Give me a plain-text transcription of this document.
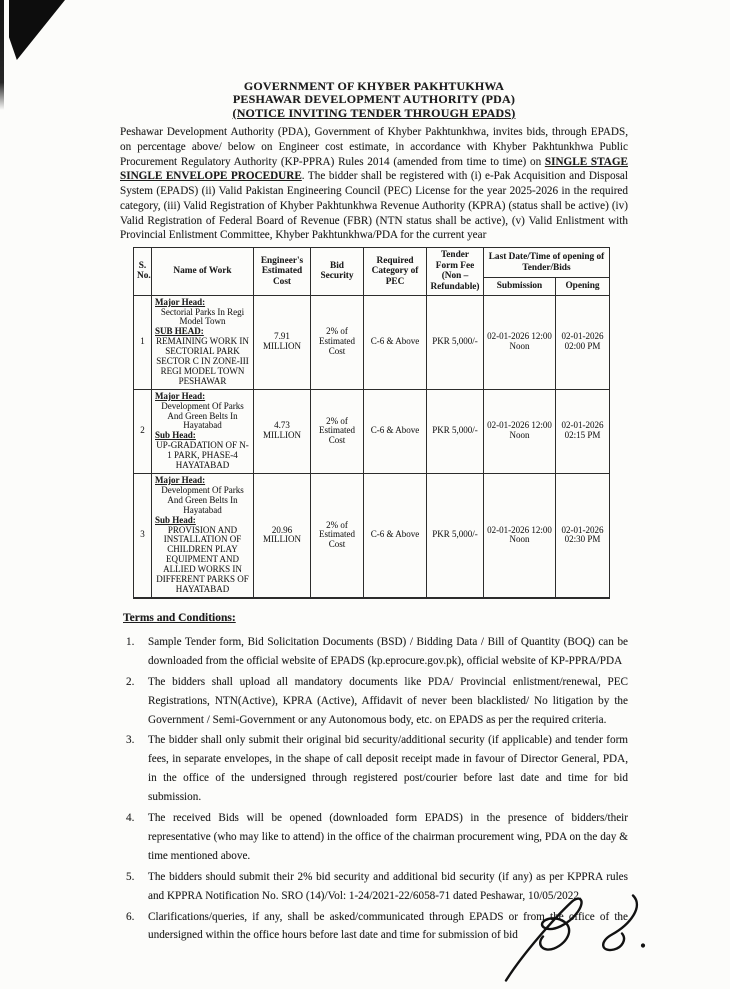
GOVERNMENT OF KHYBER PAKHTUKHWA
PESHAWAR DEVELOPMENT AUTHORITY (PDA)
(NOTICE INVITING TENDER THROUGH EPADS)
Peshawar Development Authority (PDA), Government of Khyber Pakhtunkhwa, invites bids, through EPADS, on percentage above/ below on Engineer cost estimate, in accordance with Khyber Pakhtunkhwa Public Procurement Regulatory Authority (KP-PPRA) Rules 2014 (amended from time to time) on SINGLE STAGE SINGLE ENVELOPE PROCEDURE. The bidder shall be registered with (i) e-Pak Acquisition and Disposal System (EPADS) (ii) Valid Pakistan Engineering Council (PEC) License for the year 2025-2026 in the required category, (iii) Valid Registration of Khyber Pakhtunkhwa Revenue Authority (KPRA) (status shall be active) (iv) Valid Registration of Federal Board of Revenue (FBR) (NTN status shall be active), (v) Valid Enlistment with Provincial Enlistment Committee, Khyber Pakhtunkhwa/PDA for the current year
S. No.	Name of Work	Engineer's Estimated Cost	Bid Security	Required Category of PEC	Tender Form Fee (Non – Refundable)	Last Date/Time of opening of Tender/Bids	
						Submission	Opening
1	Major Head:
Sectorial Parks In Regi Model Town
SUB HEAD:
REMAINING WORK IN SECTORIAL PARK SECTOR C IN ZONE-III REGI MODEL TOWN PESHAWAR	7.91 MILLION	2% of Estimated Cost	C-6 & Above	PKR 5,000/-	02-01-2026 12:00 Noon	02-01-2026 02:00 PM
2	Major Head:
Development Of Parks And Green Belts In Hayatabad
Sub Head:
UP-GRADATION OF N-1 PARK, PHASE-4 HAYATABAD	4.73 MILLION	2% of Estimated Cost	C-6 & Above	PKR 5,000/-	02-01-2026 12:00 Noon	02-01-2026 02:15 PM
3	Major Head:
Development Of Parks And Green Belts In Hayatabad
Sub Head:
PROVISION AND INSTALLATION OF CHILDREN PLAY EQUIPMENT AND ALLIED WORKS IN DIFFERENT PARKS OF HAYATABAD	20.96 MILLION	2% of Estimated Cost	C-6 & Above	PKR 5,000/-	02-01-2026 12:00 Noon	02-01-2026 02:30 PM
Terms and Conditions:
1.	Sample Tender form, Bid Solicitation Documents (BSD) / Bidding Data / Bill of Quantity (BOQ) can be downloaded from the official website of EPADS (kp.eprocure.gov.pk), official website of KP-PPRA/PDA
2.	The bidders shall upload all mandatory documents like PDA/ Provincial enlistment/renewal, PEC Registrations, NTN(Active), KPRA (Active), Affidavit of never been blacklisted/ No litigation by the Government / Semi-Government or any Autonomous body, etc. on EPADS as per the required criteria.
3.	The bidder shall only submit their original bid security/additional security (if applicable) and tender form fees, in separate envelopes, in the shape of call deposit receipt made in favour of Director General, PDA, in the office of the undersigned through registered post/courier before last date and time for bid submission.
4.	The received Bids will be opened (downloaded form EPADS) in the presence of bidders/their representative (who may like to attend) in the office of the chairman procurement wing, PDA on the day & time mentioned above.
5.	The bidders should submit their 2% bid security and additional bid security (if any) as per KPPRA rules and KPPRA Notification No. SRO (14)/Vol: 1-24/2021-22/6058-71 dated Peshawar, 10/05/2022.
6.	Clarifications/queries, if any, shall be asked/communicated through EPADS or from the office of the undersigned within the office hours before last date and time for submission of bid
